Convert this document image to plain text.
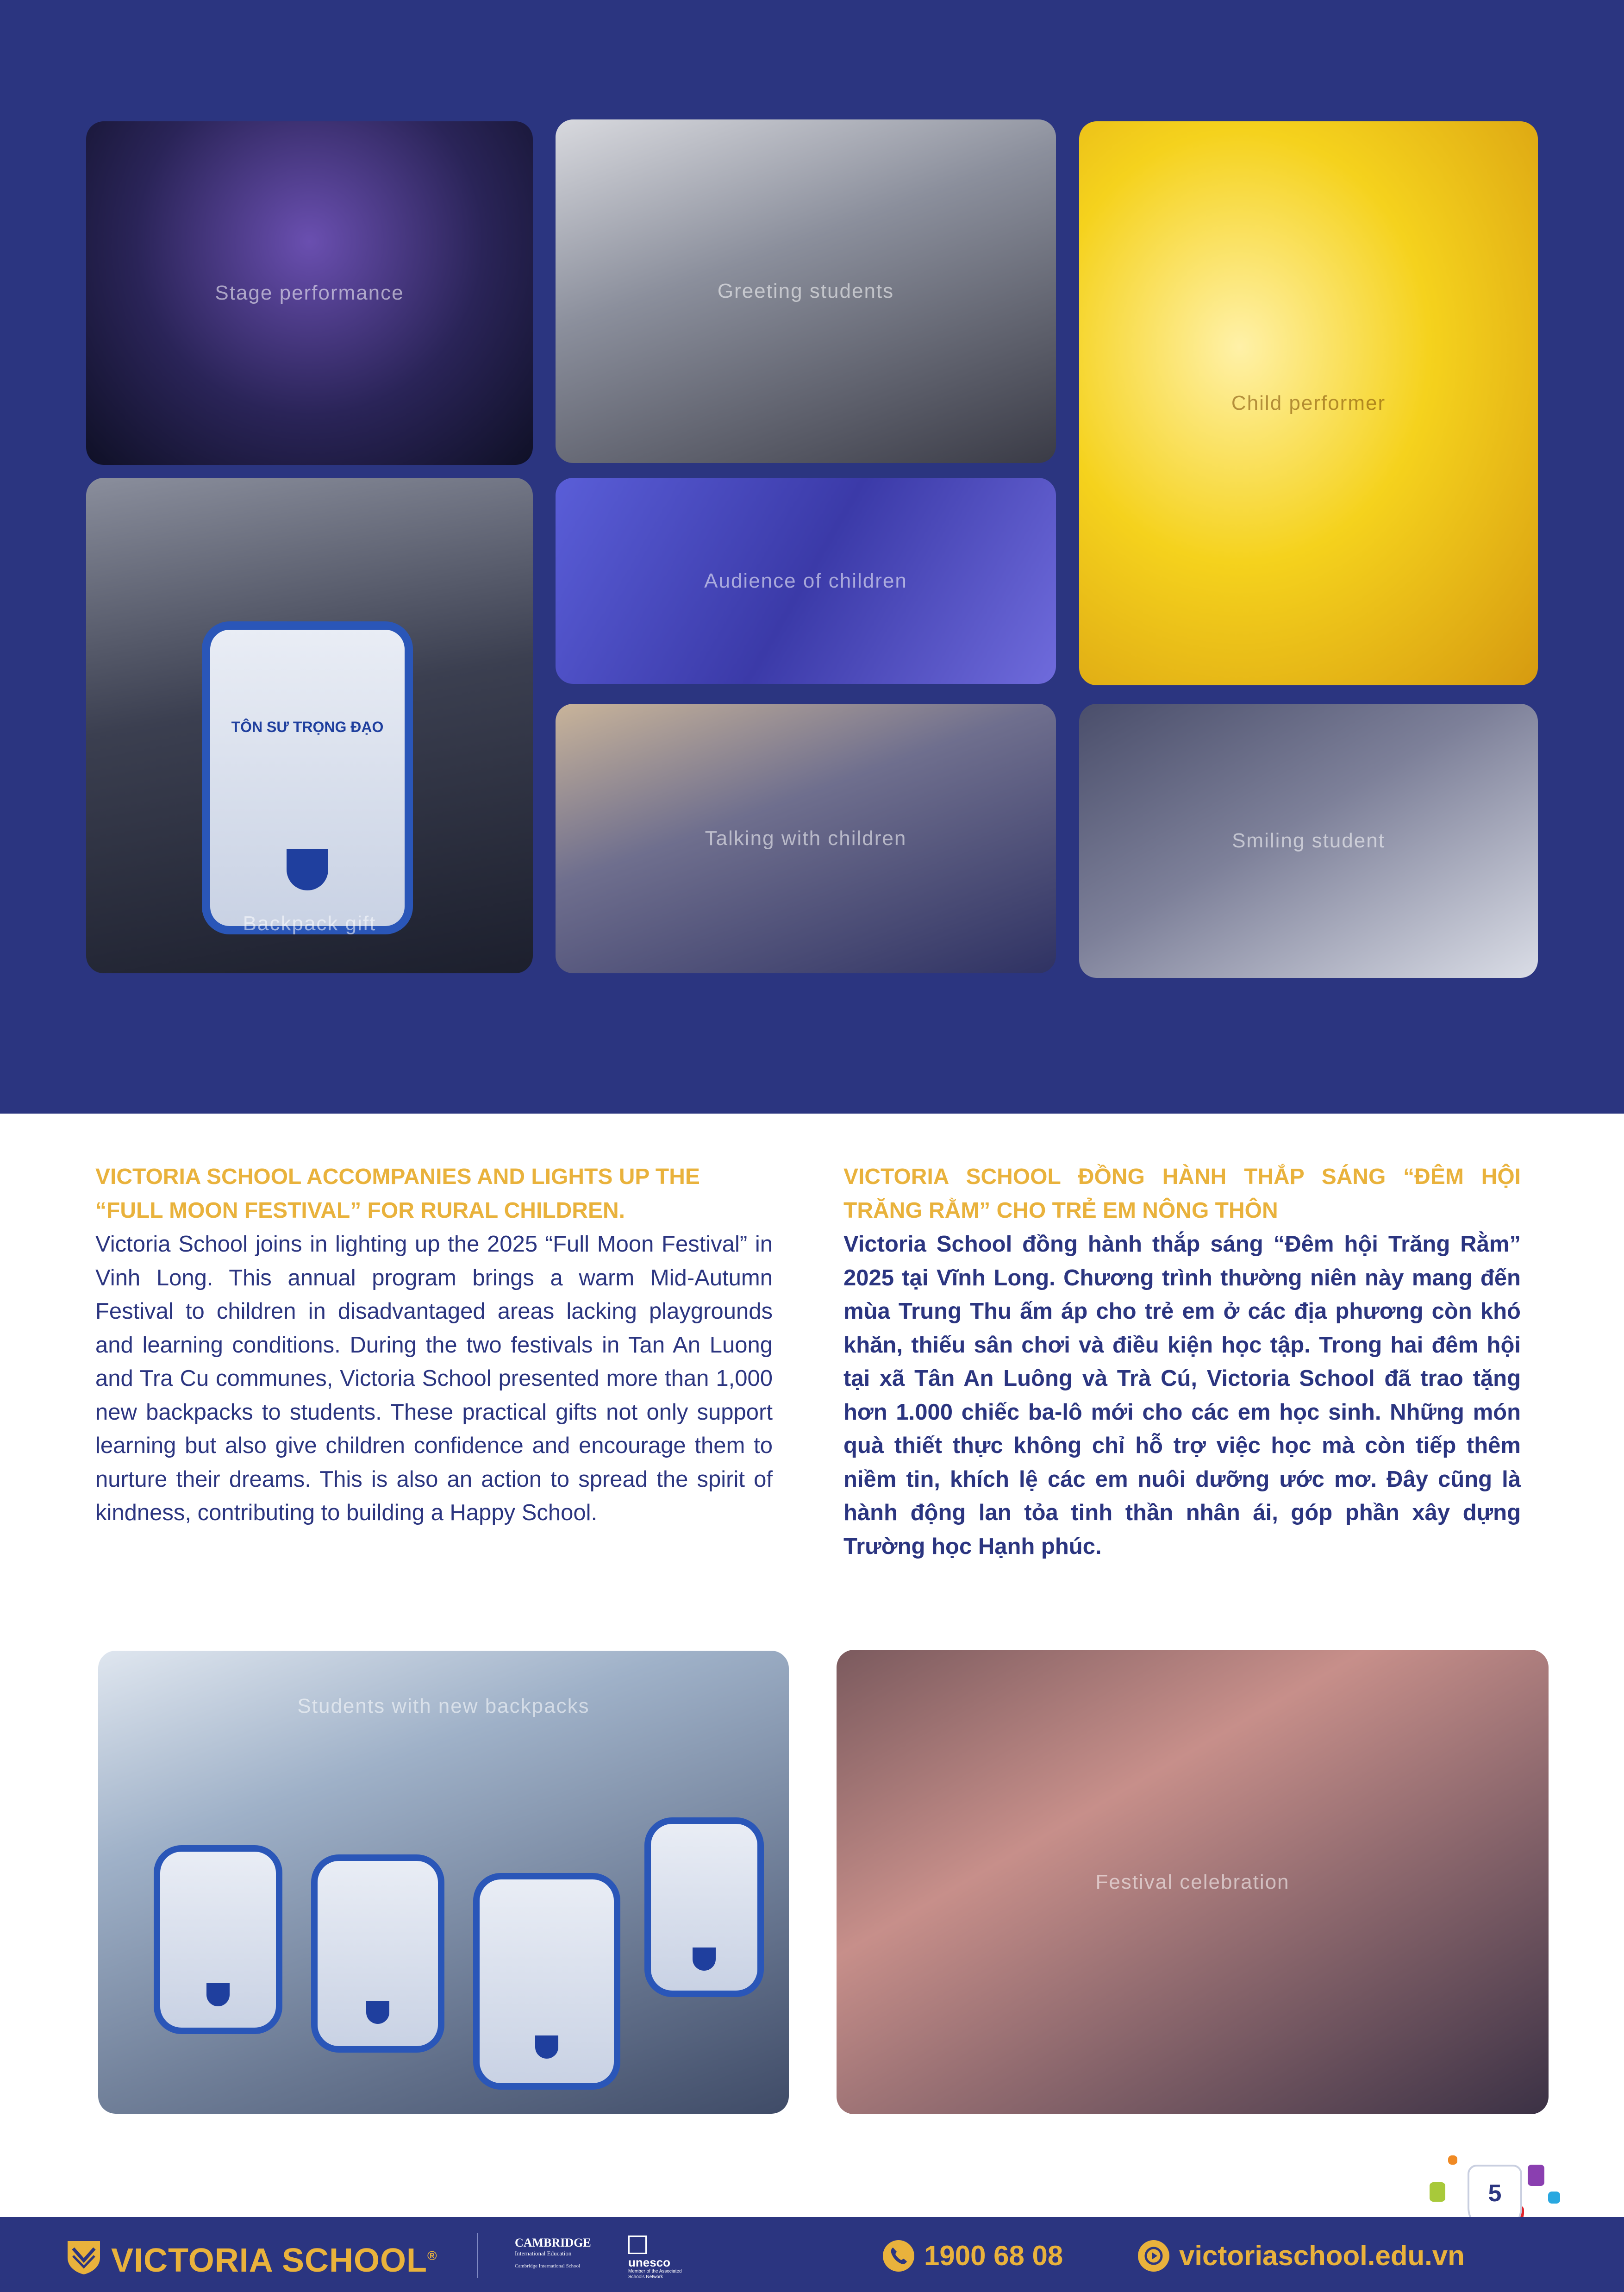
Stage performance	Greeting students
Child performer
TÔN SƯ TRỌNG ĐẠO
Backpack gift
Audience of children
Talking with children	Smiling student
VICTORIA SCHOOL ACCOMPANIES AND LIGHTS UP THE “FULL MOON FESTIVAL” FOR RURAL CHILDREN.

Victoria School joins in lighting up the 2025 “Full Moon Festival” in Vinh Long. This annual program brings a warm Mid-Autumn Festival to children in disadvantaged areas lacking playgrounds and learning conditions. During the two festivals in Tan An Luong and Tra Cu communes, Victoria School presented more than 1,000 new backpacks to students. These practical gifts not only support learning but also give children confidence and encourage them to nurture their dreams. This is also an action to spread the spirit of kindness, contributing to building a Happy School.

VICTORIA SCHOOL ĐỒNG HÀNH THẮP SÁNG “ĐÊM HỘI TRĂNG RẰM” CHO TRẺ EM NÔNG THÔN

Victoria School đồng hành thắp sáng “Đêm hội Trăng Rằm” 2025 tại Vĩnh Long. Chương trình thường niên này mang đến mùa Trung Thu ấm áp cho trẻ em ở các địa phương còn khó khăn, thiếu sân chơi và điều kiện học tập. Trong hai đêm hội tại xã Tân An Luông và Trà Cú, Victoria School đã trao tặng hơn 1.000 chiếc ba-lô mới cho các em học sinh. Những món quà thiết thực không chỉ hỗ trợ việc học mà còn tiếp thêm niềm tin, khích lệ các em nuôi dưỡng ước mơ. Đây cũng là hành động lan tỏa tinh thần nhân ái, góp phần xây dựng Trường học Hạnh phúc.

Students with new backpacks
Festival celebration
5
VICTORIA SCHOOL®
CAMBRIDGE
International Education
Cambridge International School	unesco
Member of the Associated Schools Network
1900 68 08	victoriaschool.edu.vn
